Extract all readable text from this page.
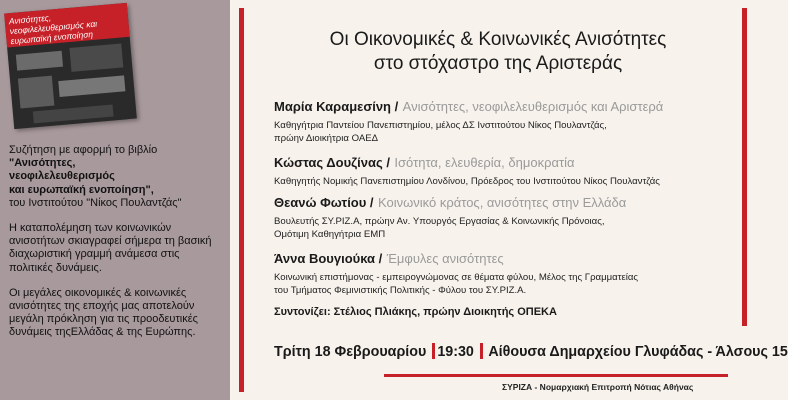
Ανισότητες, νεοφιλελευθερισμός και ευρωπαϊκή ενοποίηση

Συζήτηση με αφορμή το βιβλίο
"Ανισότητες,
νεοφιλελευθερισμός
και ευρωπαϊκή ενοποίηση",
του Ινστιτούτου "Νίκος Πουλαντζάς"

Η καταπολέμηση των κοινωνικών ανισοτήτων σκιαγραφεί σήμερα τη βασική διαχωριστική γραμμή ανάμεσα στις πολιτικές δυνάμεις.

Οι μεγάλες οικονομικές & κοινωνικές ανισότητες της εποχής μας αποτελούν μεγάλη πρόκληση για τις προοδευτικές δυνάμεις τηςΕλλάδας & της Ευρώπης.

Οι Οικονομικές & Κοινωνικές Ανισότητες
στο στόχαστρο της Αριστεράς
Μαρία Καραμεσίνη / Ανισότητες, νεοφιλελευθερισμός και Αριστερά
Καθηγήτρια Παντείου Πανεπιστημίου, μέλος ΔΣ Ινστιτούτου Νίκος Πουλαντζάς,
πρώην Διοικήτρια ΟΑΕΔ
Κώστας Δουζίνας / Ισότητα, ελευθερία, δημοκρατία
Καθηγητής Νομικής Πανεπιστημίου Λονδίνου, Πρόεδρος του Ινστιτούτου Νίκος Πουλαντζάς
Θεανώ Φωτίου / Κοινωνικό κράτος, ανισότητες στην Ελλάδα
Βουλευτής ΣΥ.ΡΙΖ.Α, πρώην Αν. Υπουργός Εργασίας & Κοινωνικής Πρόνοιας,
Ομότιμη Καθηγήτρια ΕΜΠ
Άννα Βουγιούκα / Έμφυλες ανισότητες
Κοινωνική επιστήμονας - εμπειρογνώμονας σε θέματα φύλου, Μέλος της Γραμματείας
του Τμήματος Φεμινιστικής Πολιτικής - Φύλου του ΣΥ.ΡΙΖ.Α.
Συντονίζει: Στέλιος Πλιάκης, πρώην Διοικητής ΟΠΕΚΑ
Τρίτη 18 Φεβρουαρίου 19:30 Αίθουσα Δημαρχείου Γλυφάδας - Άλσους 15
ΣΥΡΙΖΑ - Νομαρχιακή Επιτροπή Νότιας Αθήνας
